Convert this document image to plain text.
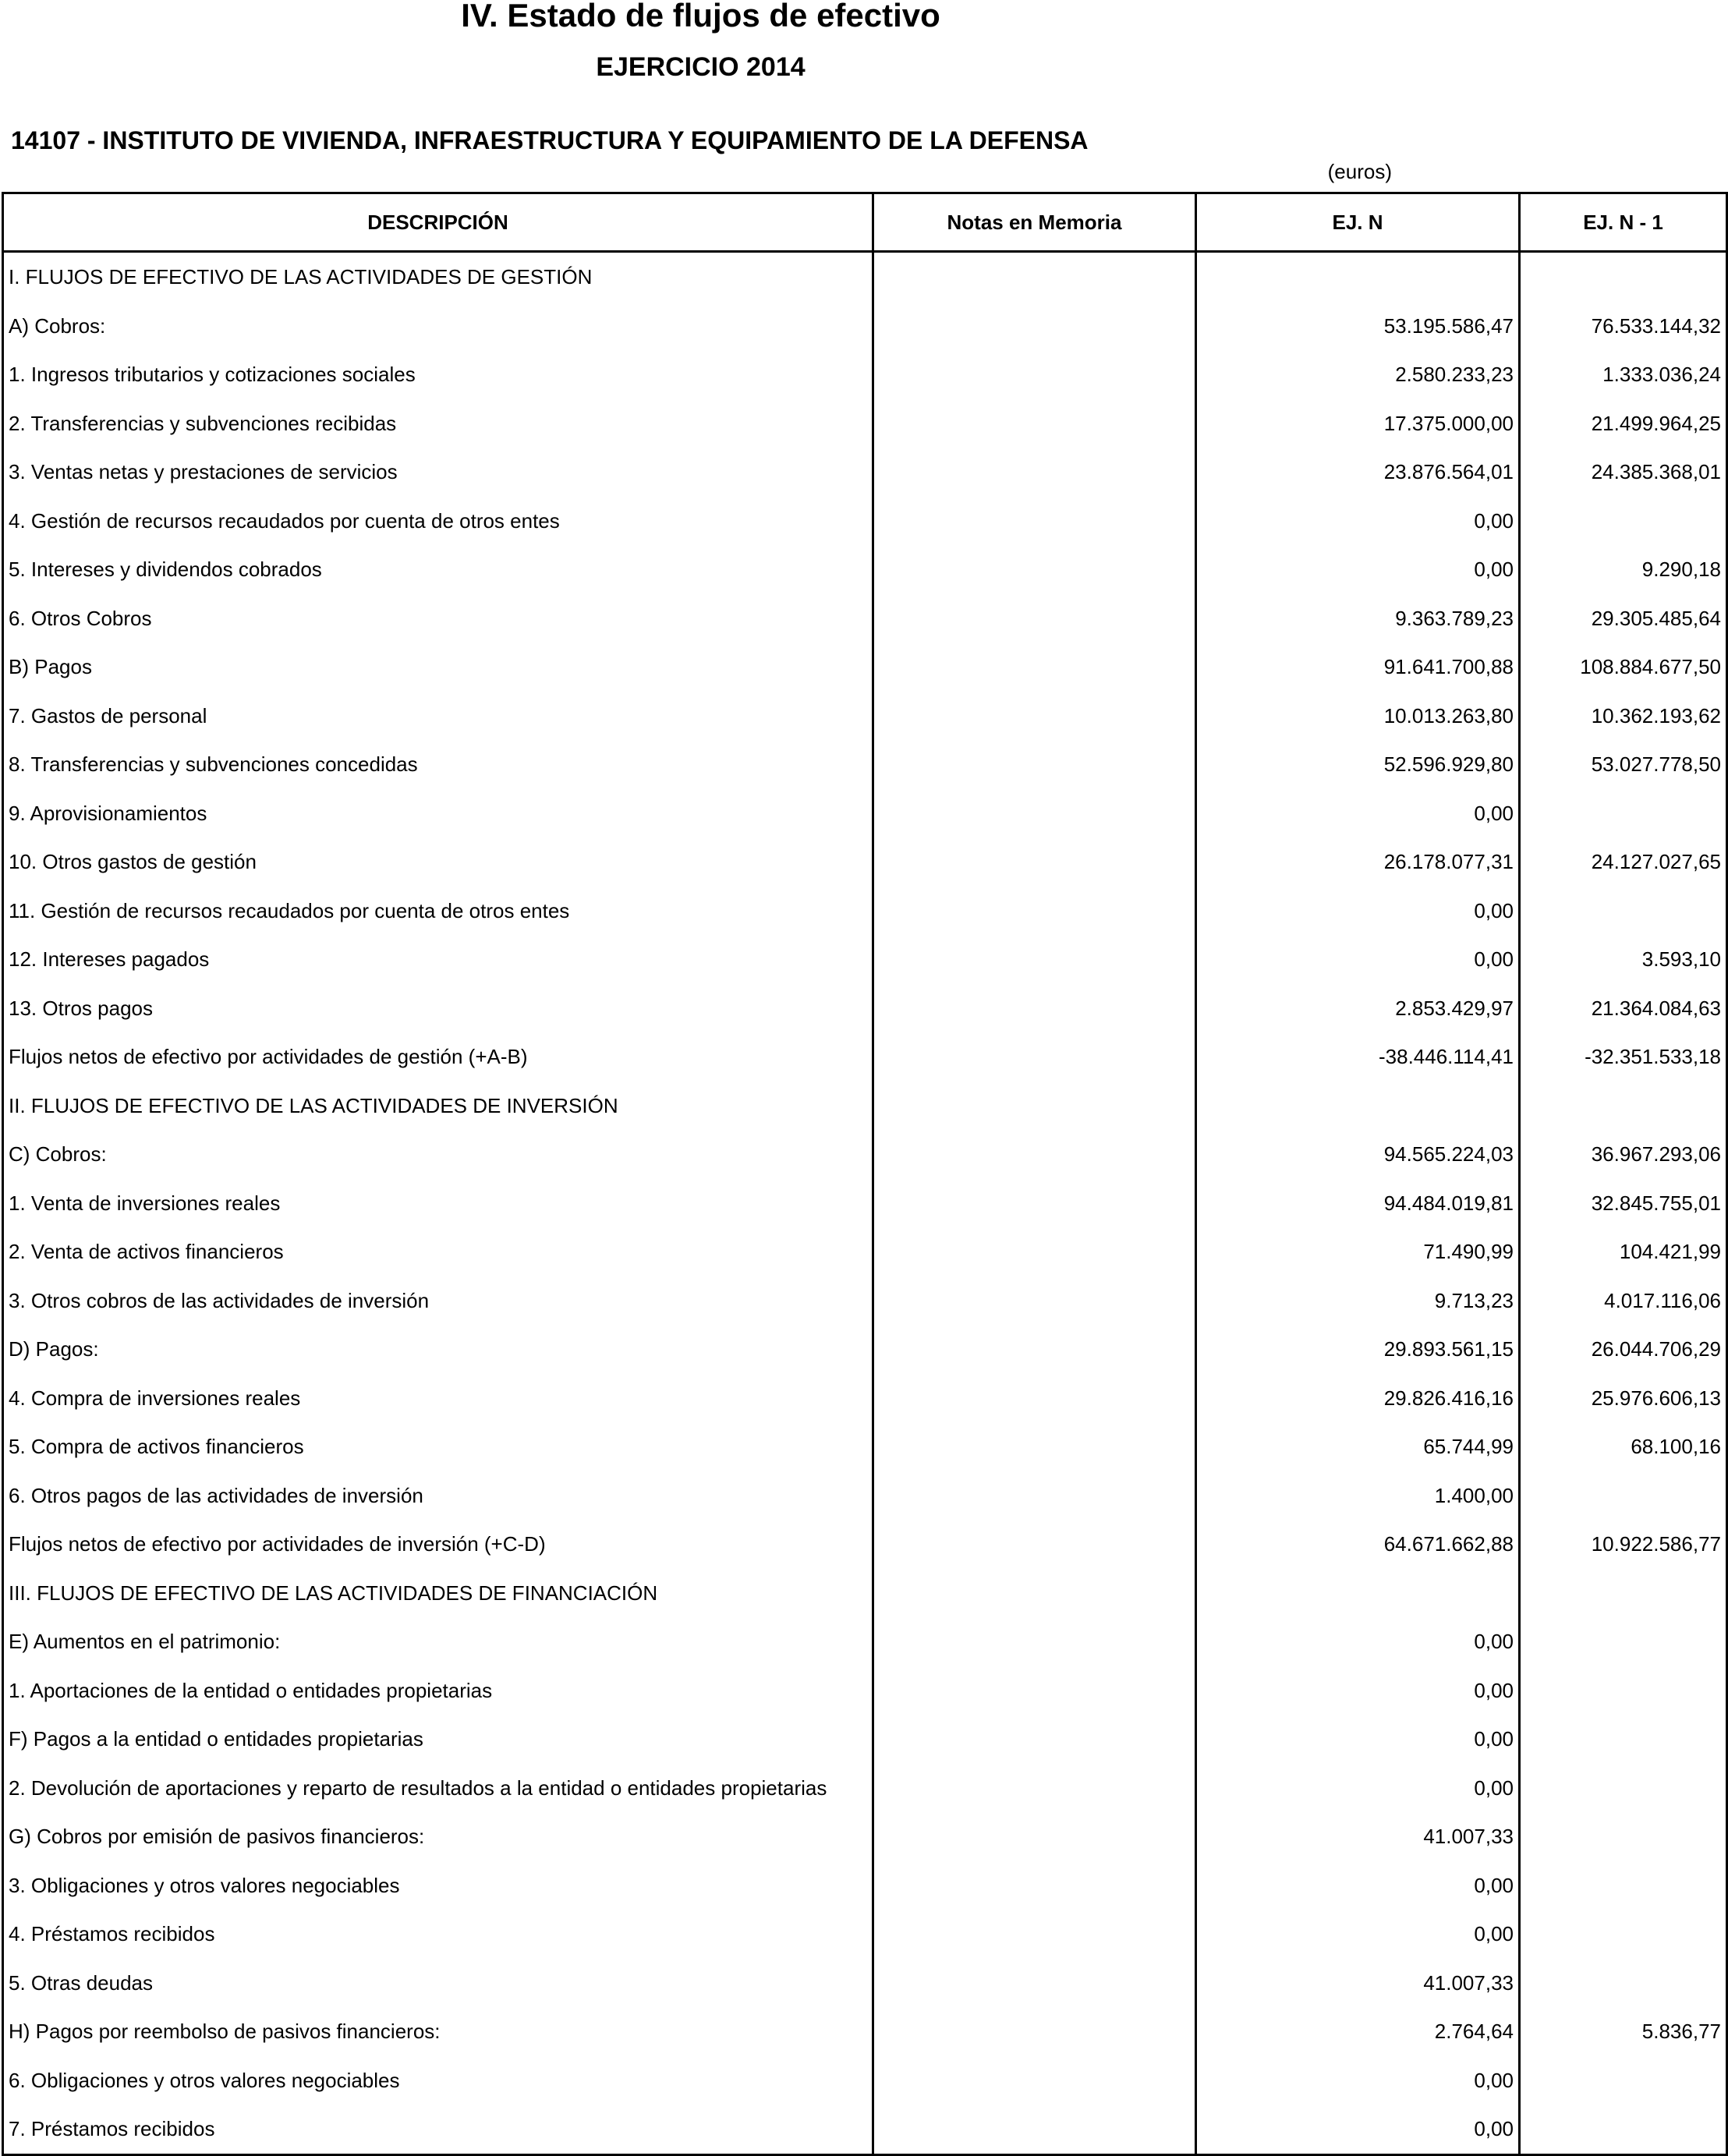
IV. Estado de flujos de efectivo
EJERCICIO 2014
14107 - INSTITUTO DE VIVIENDA, INFRAESTRUCTURA Y EQUIPAMIENTO DE LA DEFENSA
(euros)
DESCRIPCIÓN	Notas en Memoria	EJ. N	EJ. N - 1
I. FLUJOS DE EFECTIVO DE LAS ACTIVIDADES DE GESTIÓN			
A) Cobros:		53.195.586,47	76.533.144,32
1. Ingresos tributarios y cotizaciones sociales		2.580.233,23	1.333.036,24
2. Transferencias y subvenciones recibidas		17.375.000,00	21.499.964,25
3. Ventas netas y prestaciones de servicios		23.876.564,01	24.385.368,01
4. Gestión de recursos recaudados por cuenta de otros entes		0,00	
5. Intereses y dividendos cobrados		0,00	9.290,18
6. Otros Cobros		9.363.789,23	29.305.485,64
B) Pagos		91.641.700,88	108.884.677,50
7. Gastos de personal		10.013.263,80	10.362.193,62
8. Transferencias y subvenciones concedidas		52.596.929,80	53.027.778,50
9. Aprovisionamientos		0,00	
10. Otros gastos de gestión		26.178.077,31	24.127.027,65
11. Gestión de recursos recaudados por cuenta de otros entes		0,00	
12. Intereses pagados		0,00	3.593,10
13. Otros pagos		2.853.429,97	21.364.084,63
Flujos netos de efectivo por actividades de gestión (+A-B)		-38.446.114,41	-32.351.533,18
II. FLUJOS DE EFECTIVO DE LAS ACTIVIDADES DE INVERSIÓN			
C) Cobros:		94.565.224,03	36.967.293,06
1. Venta de inversiones reales		94.484.019,81	32.845.755,01
2. Venta de activos financieros		71.490,99	104.421,99
3. Otros cobros de las actividades de inversión		9.713,23	4.017.116,06
D) Pagos:		29.893.561,15	26.044.706,29
4. Compra de inversiones reales		29.826.416,16	25.976.606,13
5. Compra de activos financieros		65.744,99	68.100,16
6. Otros pagos de las actividades de inversión		1.400,00	
Flujos netos de efectivo por actividades de inversión (+C-D)		64.671.662,88	10.922.586,77
III. FLUJOS DE EFECTIVO DE LAS ACTIVIDADES DE FINANCIACIÓN			
E) Aumentos en el patrimonio:		0,00	
1. Aportaciones de la entidad o entidades propietarias		0,00	
F) Pagos a la entidad o entidades propietarias		0,00	
2. Devolución de aportaciones y reparto de resultados a la entidad o entidades propietarias		0,00	
G) Cobros por emisión de pasivos financieros:		41.007,33	
3. Obligaciones y otros valores negociables		0,00	
4. Préstamos recibidos		0,00	
5. Otras deudas		41.007,33	
H) Pagos por reembolso de pasivos financieros:		2.764,64	5.836,77
6. Obligaciones y otros valores negociables		0,00	
7. Préstamos recibidos		0,00	
